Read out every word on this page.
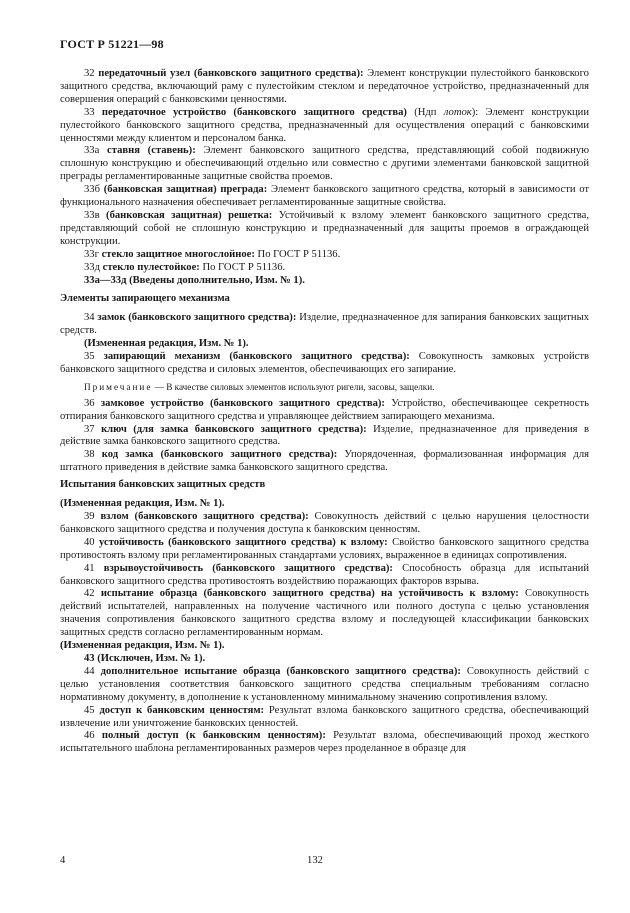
ГОСТ Р 51221—98

32 передаточный узел (банковского защитного средства): Элемент конструкции пулестойкого банковского защитного средства, включающий раму с пулестойким стеклом и передаточное устройство, предназначенный для совершения операций с банковскими ценностями.

33 передаточное устройство (банковского защитного средства) (Ндп лоток): Элемент конструкции пулестойкого банковского защитного средства, предназначенный для осуществления операций с банковскими ценностями между клиентом и персоналом банка.

33а ставня (ставень): Элемент банковского защитного средства, представляющий собой подвижную сплошную конструкцию и обеспечивающий отдельно или совместно с другими элементами банковской защитной преграды регламентированные защитные свойства проемов.

33б (банковская защитная) преграда: Элемент банковского защитного средства, который в зависимости от функционального назначения обеспечивает регламентированные защитные свойства.

33в (банковская защитная) решетка: Устойчивый к взлому элемент банковского защитного средства, представляющий собой не сплошную конструкцию и предназначенный для защиты проемов в ограждающей конструкции.

33г стекло защитное многослойное: По ГОСТ Р 51136.

33д стекло пулестойкое: По ГОСТ Р 51136.

33а—33д (Введены дополнительно, Изм. № 1).

Элементы запирающего механизма

34 замок (банковского защитного средства): Изделие, предназначенное для запирания банковских защитных средств.

(Измененная редакция, Изм. № 1).

35 запирающий механизм (банковского защитного средства): Совокупность замковых устройств банковского защитного средства и силовых элементов, обеспечивающих его запирание.

Примечание — В качестве силовых элементов используют ригели, засовы, защелки.

36 замковое устройство (банковского защитного средства): Устройство, обеспечивающее секретность отпирания банковского защитного средства и управляющее действием запирающего механизма.

37 ключ (для замка банковского защитного средства): Изделие, предназначенное для приведения в действие замка банковского защитного средства.

38 код замка (банковского защитного средства): Упорядоченная, формализованная информация для штатного приведения в действие замка банковского защитного средства.

Испытания банковских защитных средств

(Измененная редакция, Изм. № 1).

39 взлом (банковского защитного средства): Совокупность действий с целью нарушения целостности банковского защитного средства и получения доступа к банковским ценностям.

40 устойчивость (банковского защитного средства) к взлому: Свойство банковского защитного средства противостоять взлому при регламентированных стандартами условиях, выраженное в единицах сопротивления.

41 взрывоустойчивость (банковского защитного средства): Способность образца для испытаний банковского защитного средства противостоять воздействию поражающих факторов взрыва.

42 испытание образца (банковского защитного средства) на устойчивость к взлому: Совокупность действий испытателей, направленных на получение частичного или полного доступа с целью установления значения сопротивления банковского защитного средства взлому и последующей классификации банковских защитных средств согласно регламентированным нормам.

(Измененная редакция, Изм. № 1).

43 (Исключен, Изм. № 1).

44 дополнительное испытание образца (банковского защитного средства): Совокупность действий с целью установления соответствия банковского защитного средства специальным требованиям согласно нормативному документу, в дополнение к установленному минимальному значению сопротивления взлому.

45 доступ к банковским ценностям: Результат взлома банковского защитного средства, обеспечивающий извлечение или уничтожение банковских ценностей.

46 полный доступ (к банковским ценностям): Результат взлома, обеспечивающий проход жесткого испытательного шаблона регламентированных размеров через проделанное в образце для

4	132
